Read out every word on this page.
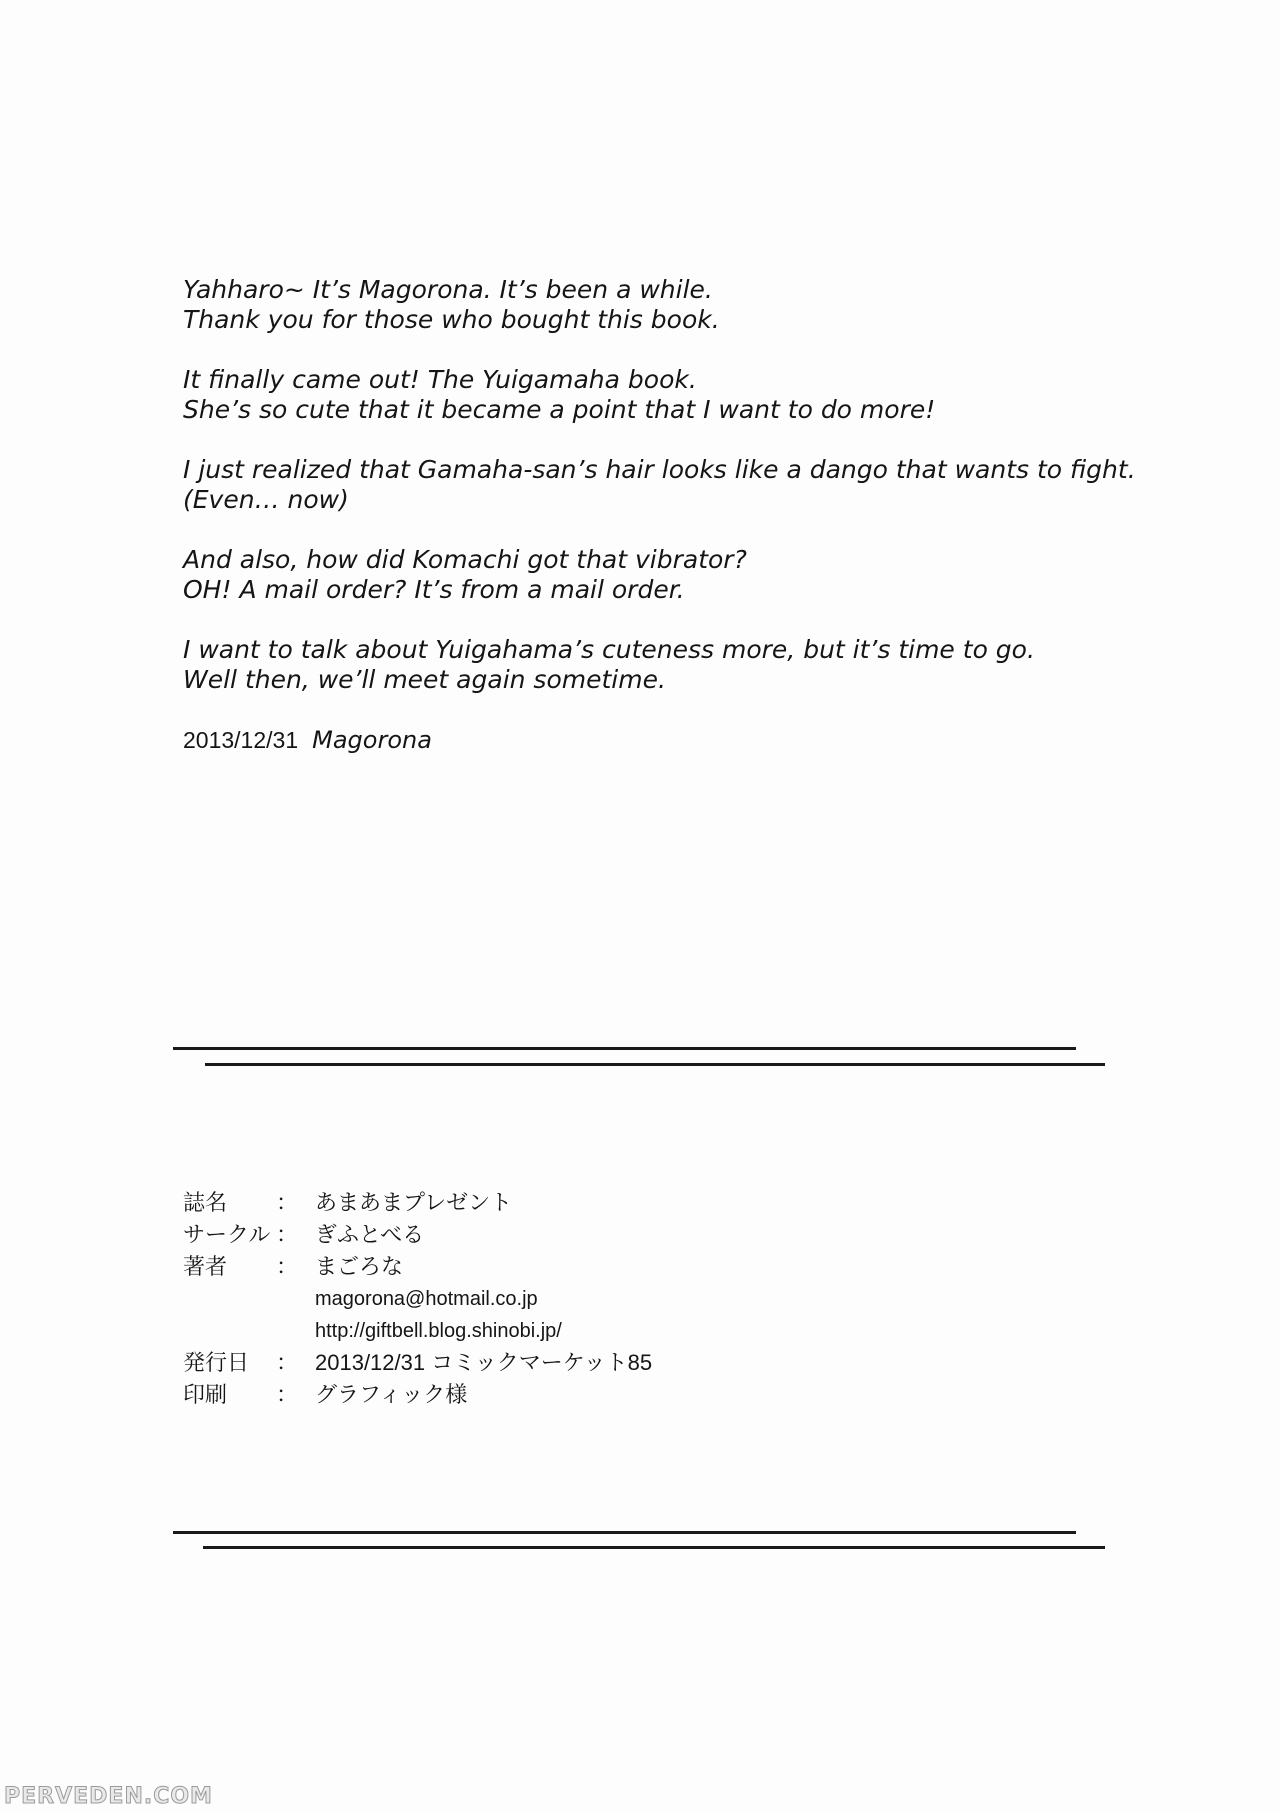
Yahharo~ It’s Magorona. It’s been a while.
Thank you for those who bought this book.
It finally came out! The Yuigamaha book.
She’s so cute that it became a point that I want to do more!
I just realized that Gamaha-san’s hair looks like a dango that wants to fight.
(Even… now)
And also, how did Komachi got that vibrator?
OH! A mail order? It’s from a mail order.
I want to talk about Yuigahama’s cuteness more, but it’s time to go.
Well then, we’ll meet again sometime.
2013/12/31 Magorona
誌名	： あまあまプレゼント
サークル ： ぎふとべる
著者	： まごろな
magorona@hotmail.co.jp
http://giftbell.blog.shinobi.jp/
発行日	： 2013/12/31 コミックマーケット85
印刷	： グラフィック様
PERVEDEN.COM
